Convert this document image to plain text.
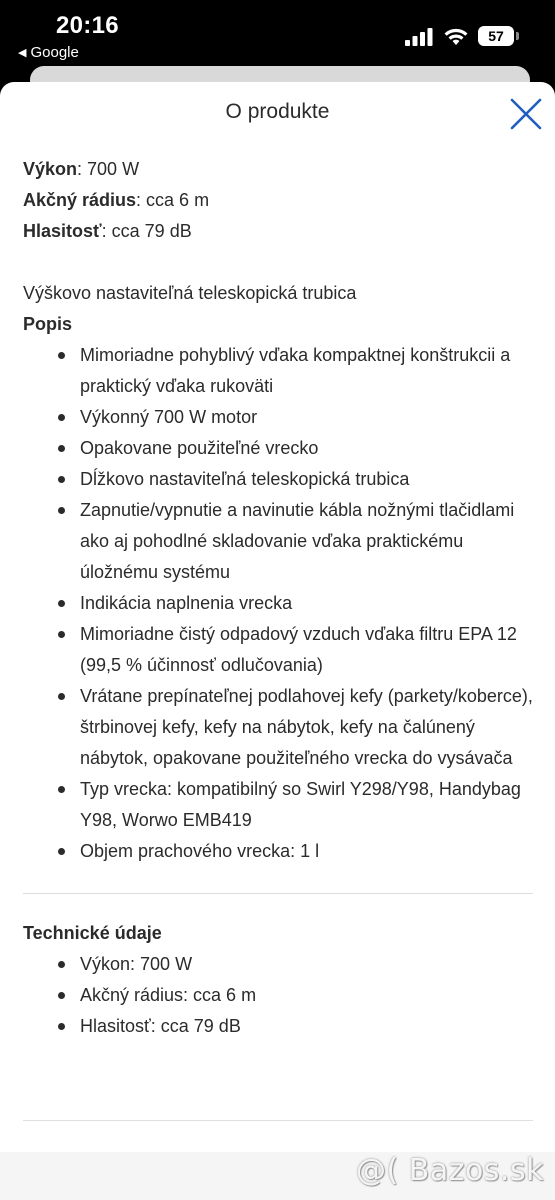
20:16
◀ Google
57
O produkte
Výkon: 700 W
Akčný rádius: cca 6 m
Hlasitosť: cca 79 dB
Výškovo nastaviteľná teleskopická trubica
Popis
Mimoriadne pohyblivý vďaka kompaktnej konštrukcii a praktický vďaka rukoväti
Výkonný 700 W motor
Opakovane použiteľné vrecko
Dĺžkovo nastaviteľná teleskopická trubica
Zapnutie/vypnutie a navinutie kábla nožnými tlačidlami ako aj pohodlné skladovanie vďaka praktickému úložnému systému
Indikácia naplnenia vrecka
Mimoriadne čistý odpadový vzduch vďaka filtru EPA 12 (99,5 % účinnosť odlučovania)
Vrátane prepínateľnej podlahovej kefy (parkety/koberce), štrbinovej kefy, kefy na nábytok, kefy na čalúnený nábytok, opakovane použiteľného vrecka do vysávača
Typ vrecka: kompatibilný so Swirl Y298/Y98, Handybag Y98, Worwo EMB419
Objem prachového vrecka: 1 l
Technické údaje
Výkon: 700 W
Akčný rádius: cca 6 m
Hlasitosť: cca 79 dB
@( Bazos.sk
